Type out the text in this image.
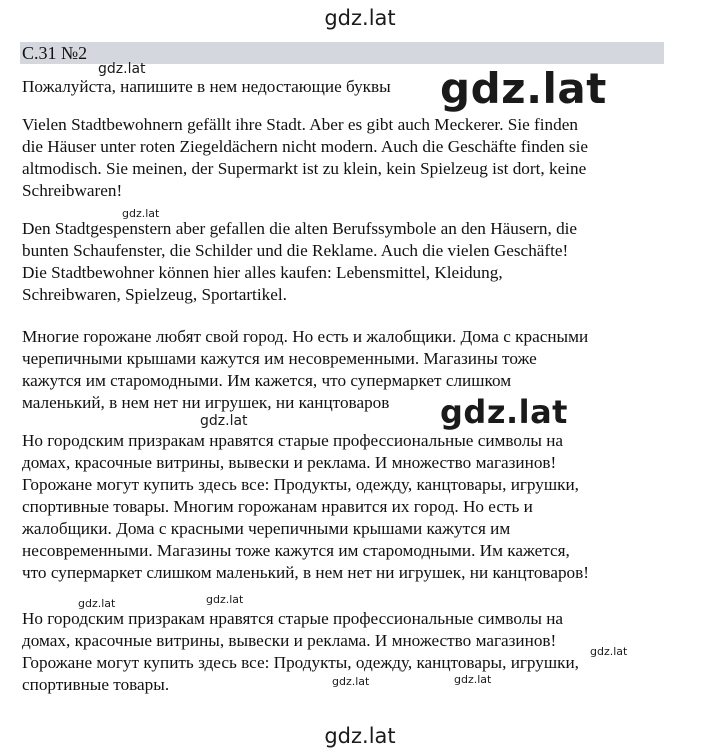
С.31 №2

Пожалуйста, напишите в нем недостающие буквы

Vielen Stadtbewohnern gefällt ihre Stadt. Aber es gibt auch Meckerer. Sie finden
die Häuser unter roten Ziegeldächern nicht modern. Auch die Geschäfte finden sie
altmodisch. Sie meinen, der Supermarkt ist zu klein, kein Spielzeug ist dort, keine
Schreibwaren!

Den Stadtgespenstern aber gefallen die alten Berufssymbole an den Häusern, die
bunten Schaufenster, die Schilder und die Reklame. Auch die vielen Geschäfte!
Die Stadtbewohner können hier alles kaufen: Lebensmittel, Kleidung,
Schreibwaren, Spielzeug, Sportartikel.

Многие горожане любят свой город. Но есть и жалобщики. Дома с красными
черепичными крышами кажутся им несовременными. Магазины тоже
кажутся им старомодными. Им кажется, что супермаркет слишком
маленький, в нем нет ни игрушек, ни канцтоваров

Но городским призракам нравятся старые профессиональные символы на
домах, красочные витрины, вывески и реклама. И множество магазинов!
Горожане могут купить здесь все: Продукты, одежду, канцтовары, игрушки,
спортивные товары. Многим горожанам нравится их город. Но есть и
жалобщики. Дома с красными черепичными крышами кажутся им
несовременными. Магазины тоже кажутся им старомодными. Им кажется,
что супермаркет слишком маленький, в нем нет ни игрушек, ни канцтоваров!

Но городским призракам нравятся старые профессиональные символы на
домах, красочные витрины, вывески и реклама. И множество магазинов!
Горожане могут купить здесь все: Продукты, одежду, канцтовары, игрушки,
спортивные товары.

gdz.lat
gdz.lat	gdz.lat
gdz.lat
gdz.lat
gdz.lat
gdz.lat	gdz.lat
gdz.lat
gdz.lat	gdz.lat
gdz.lat
